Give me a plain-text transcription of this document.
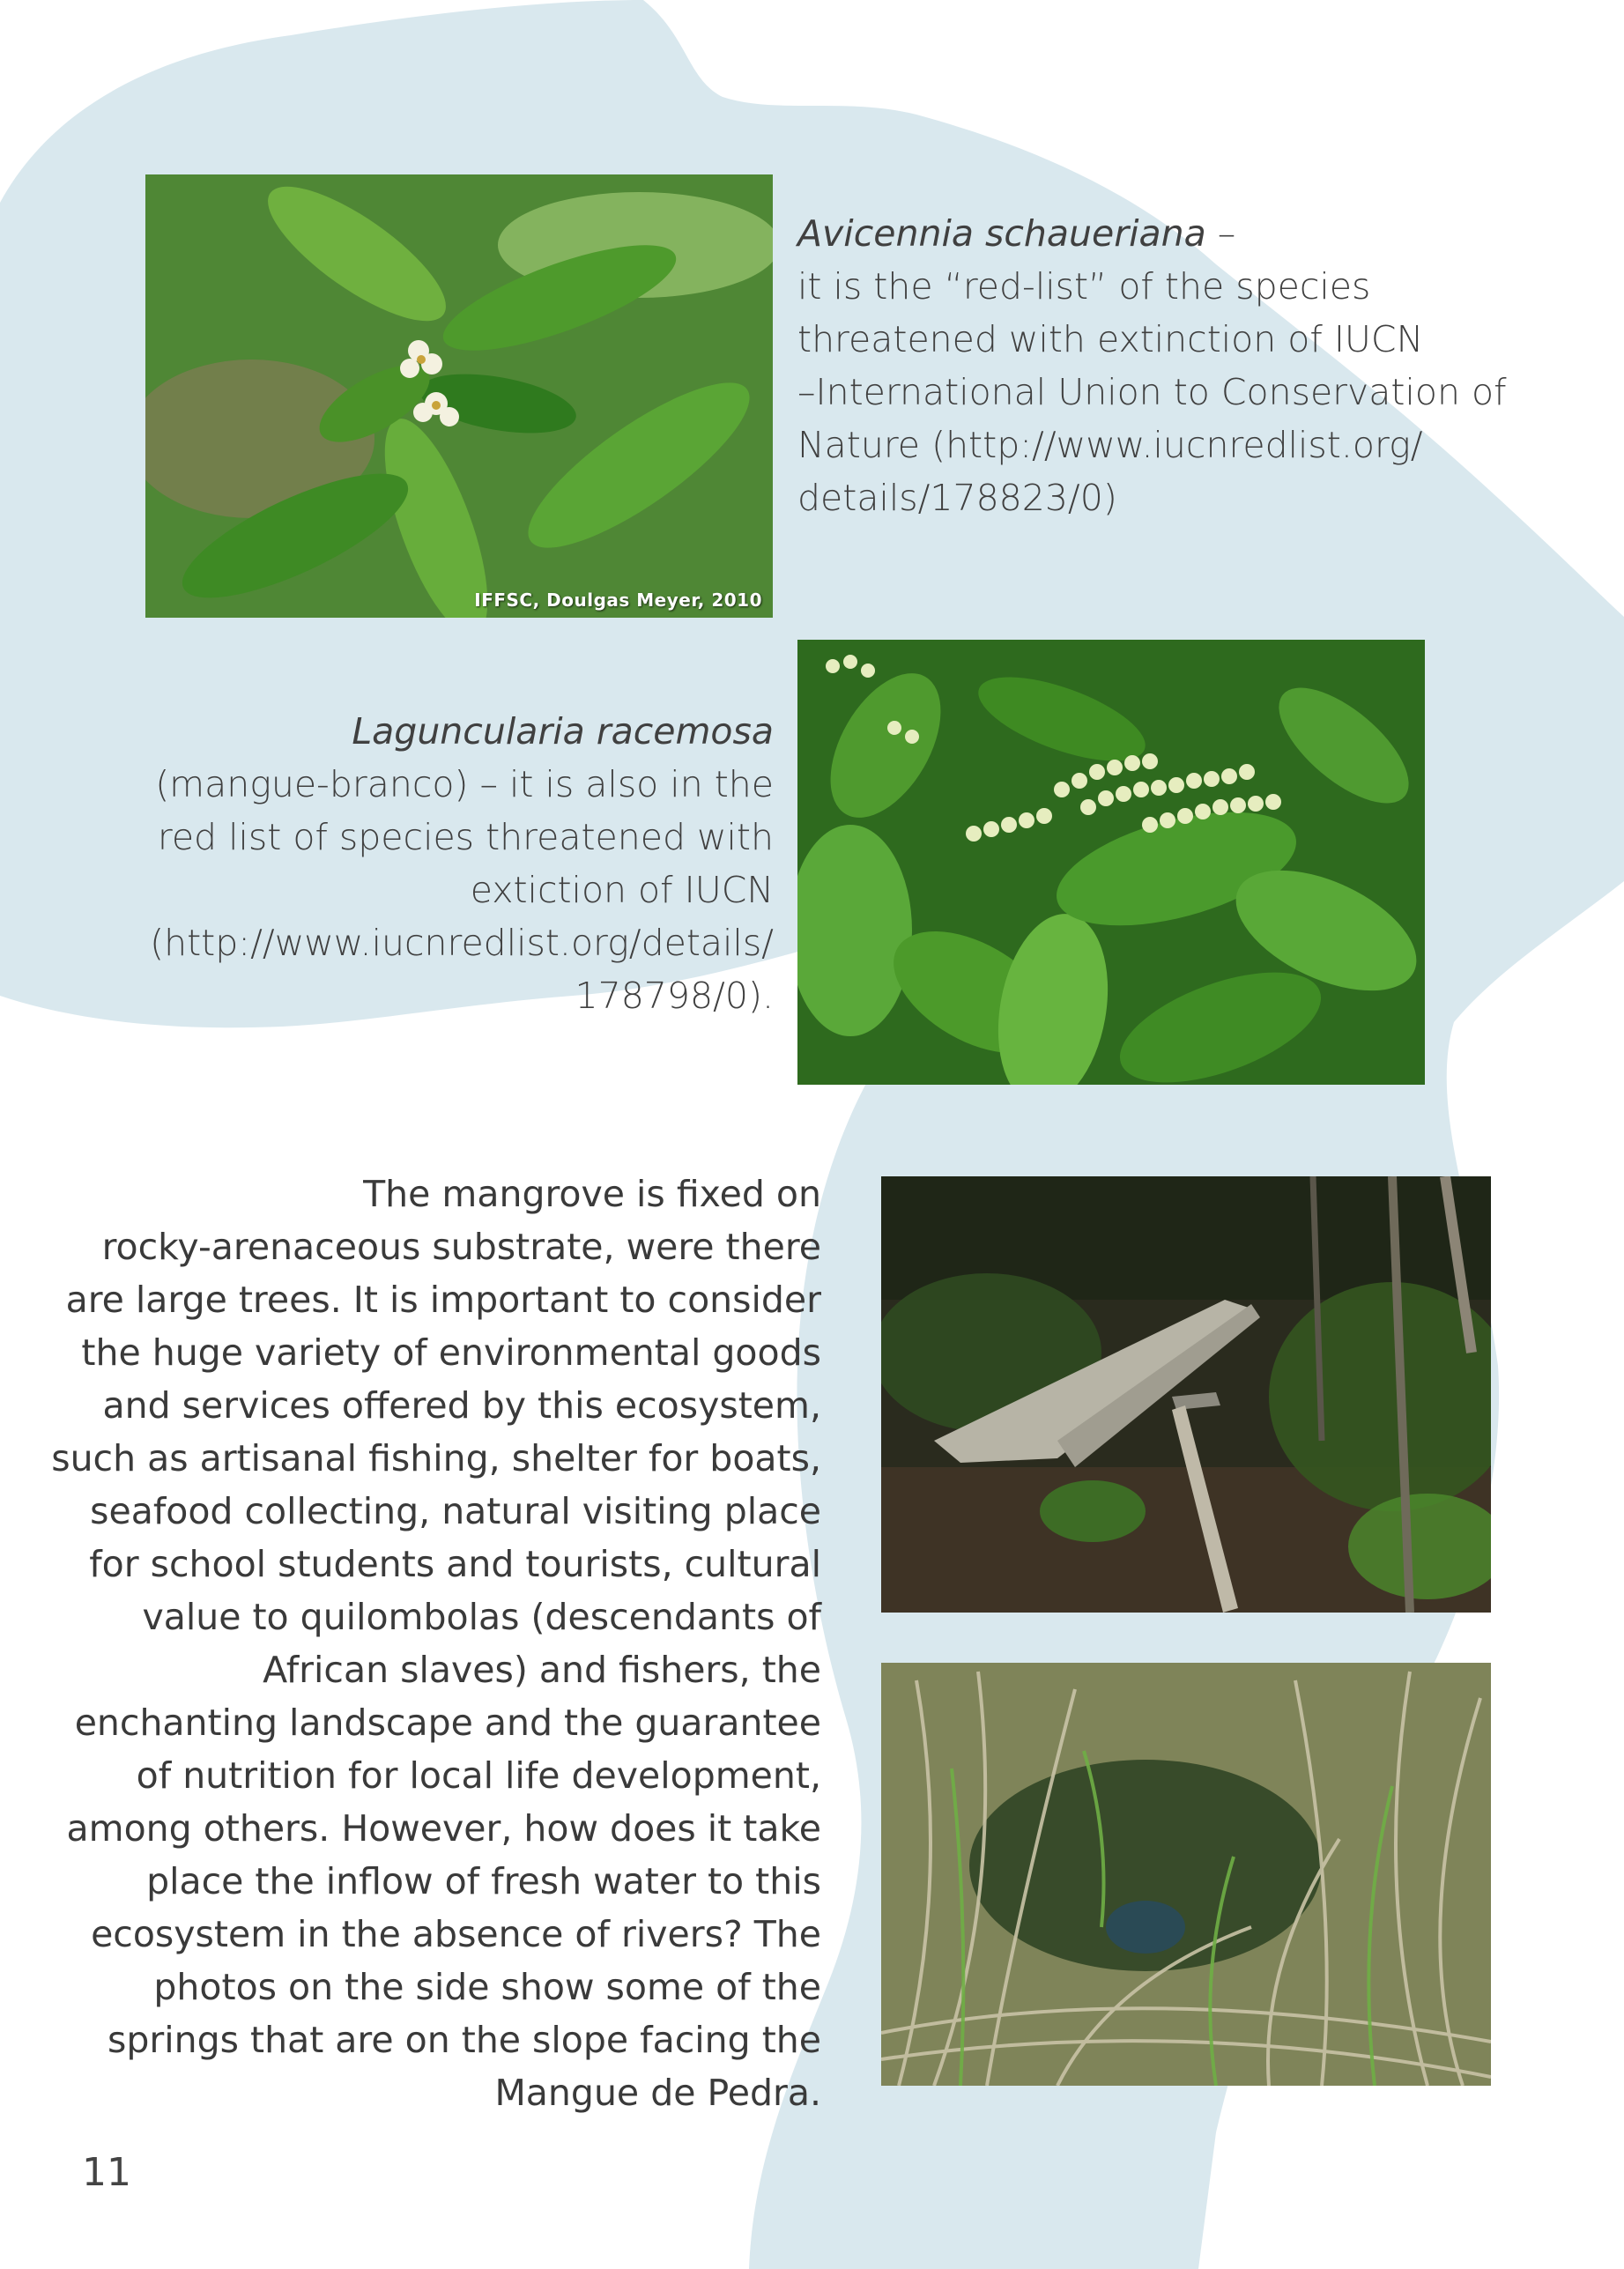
IFFSC, Doulgas Meyer, 2010
Avicennia schaueriana –
it is the “red-list” of the species
threatened with extinction of IUCN
–International Union to Conservation of
Nature (http://www.iucnredlist.org/
details/178823/0)
Laguncularia racemosa
(mangue-branco) – it is also in the
red list of species threatened with
extiction of IUCN
(http://www.iucnredlist.org/details/
178798/0).
The mangrove is fixed on
rocky-arenaceous substrate, were there
are large trees. It is important to consider
the huge variety of environmental goods
and services offered by this ecosystem,
such as artisanal fishing, shelter for boats,
seafood collecting, natural visiting place
for school students and tourists, cultural
value to quilombolas (descendants of
African slaves) and fishers, the
enchanting landscape and the guarantee
of nutrition for local life development,
among others. However, how does it take
place the inflow of fresh water to this
ecosystem in the absence of rivers? The
photos on the side show some of the
springs that are on the slope facing the
Mangue de Pedra.
11
